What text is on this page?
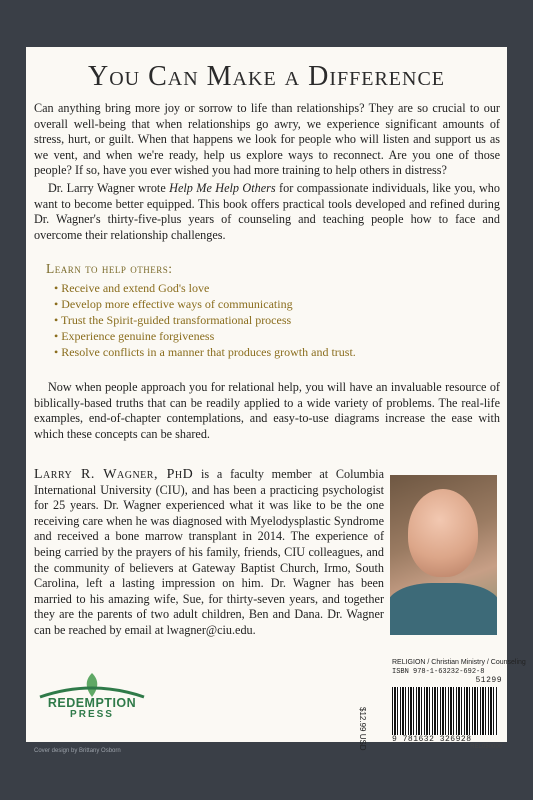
You Can Make a Difference
Can anything bring more joy or sorrow to life than relationships? They are so crucial to our overall well-being that when relationships go awry, we experience significant amounts of stress, hurt, or guilt. When that happens we look for people who will listen and support us as we vent, and when we're ready, help us explore ways to reconnect. Are you one of those people? If so, have you ever wished you had more training to help others in distress?
Dr. Larry Wagner wrote Help Me Help Others for compassionate individuals, like you, who want to become better equipped. This book offers practical tools developed and refined during Dr. Wagner's thirty-five-plus years of counseling and teaching people how to face and overcome their relationship challenges.
Learn to help others:
• Receive and extend God's love
• Develop more effective ways of communicating
• Trust the Spirit-guided transformational process
• Experience genuine forgiveness
• Resolve conflicts in a manner that produces growth and trust.
Now when people approach you for relational help, you will have an invaluable resource of biblically-based truths that can be readily applied to a wide variety of problems. The real-life examples, end-of-chapter contemplations, and easy-to-use diagrams increase the ease with which these concepts can be shared.
Larry R. Wagner, PhD is a faculty member at Columbia International University (CIU), and has been a practicing psychologist for 25 years. Dr. Wagner experienced what it was like to be the one receiving care when he was diagnosed with Myelodysplastic Syndrome and received a bone marrow transplant in 2014. The experience of being carried by the prayers of his family, friends, CIU colleagues, and the community of believers at Gateway Baptist Church, Irmo, South Carolina, left a lasting impression on him. Dr. Wagner has been married to his amazing wife, Sue, for thirty-seven years, and together they are the parents of two adult children, Ben and Dana. Dr. Wagner can be reached by email at lwagner@ciu.edu.
REDEMPTION
PRESS	$12.99 USD
RELIGION / Christian Ministry / Counseling
ISBN 978-1-63232-692-8
51299
9 781632 326928
REL050000
Cover design by Brittany Osborn
